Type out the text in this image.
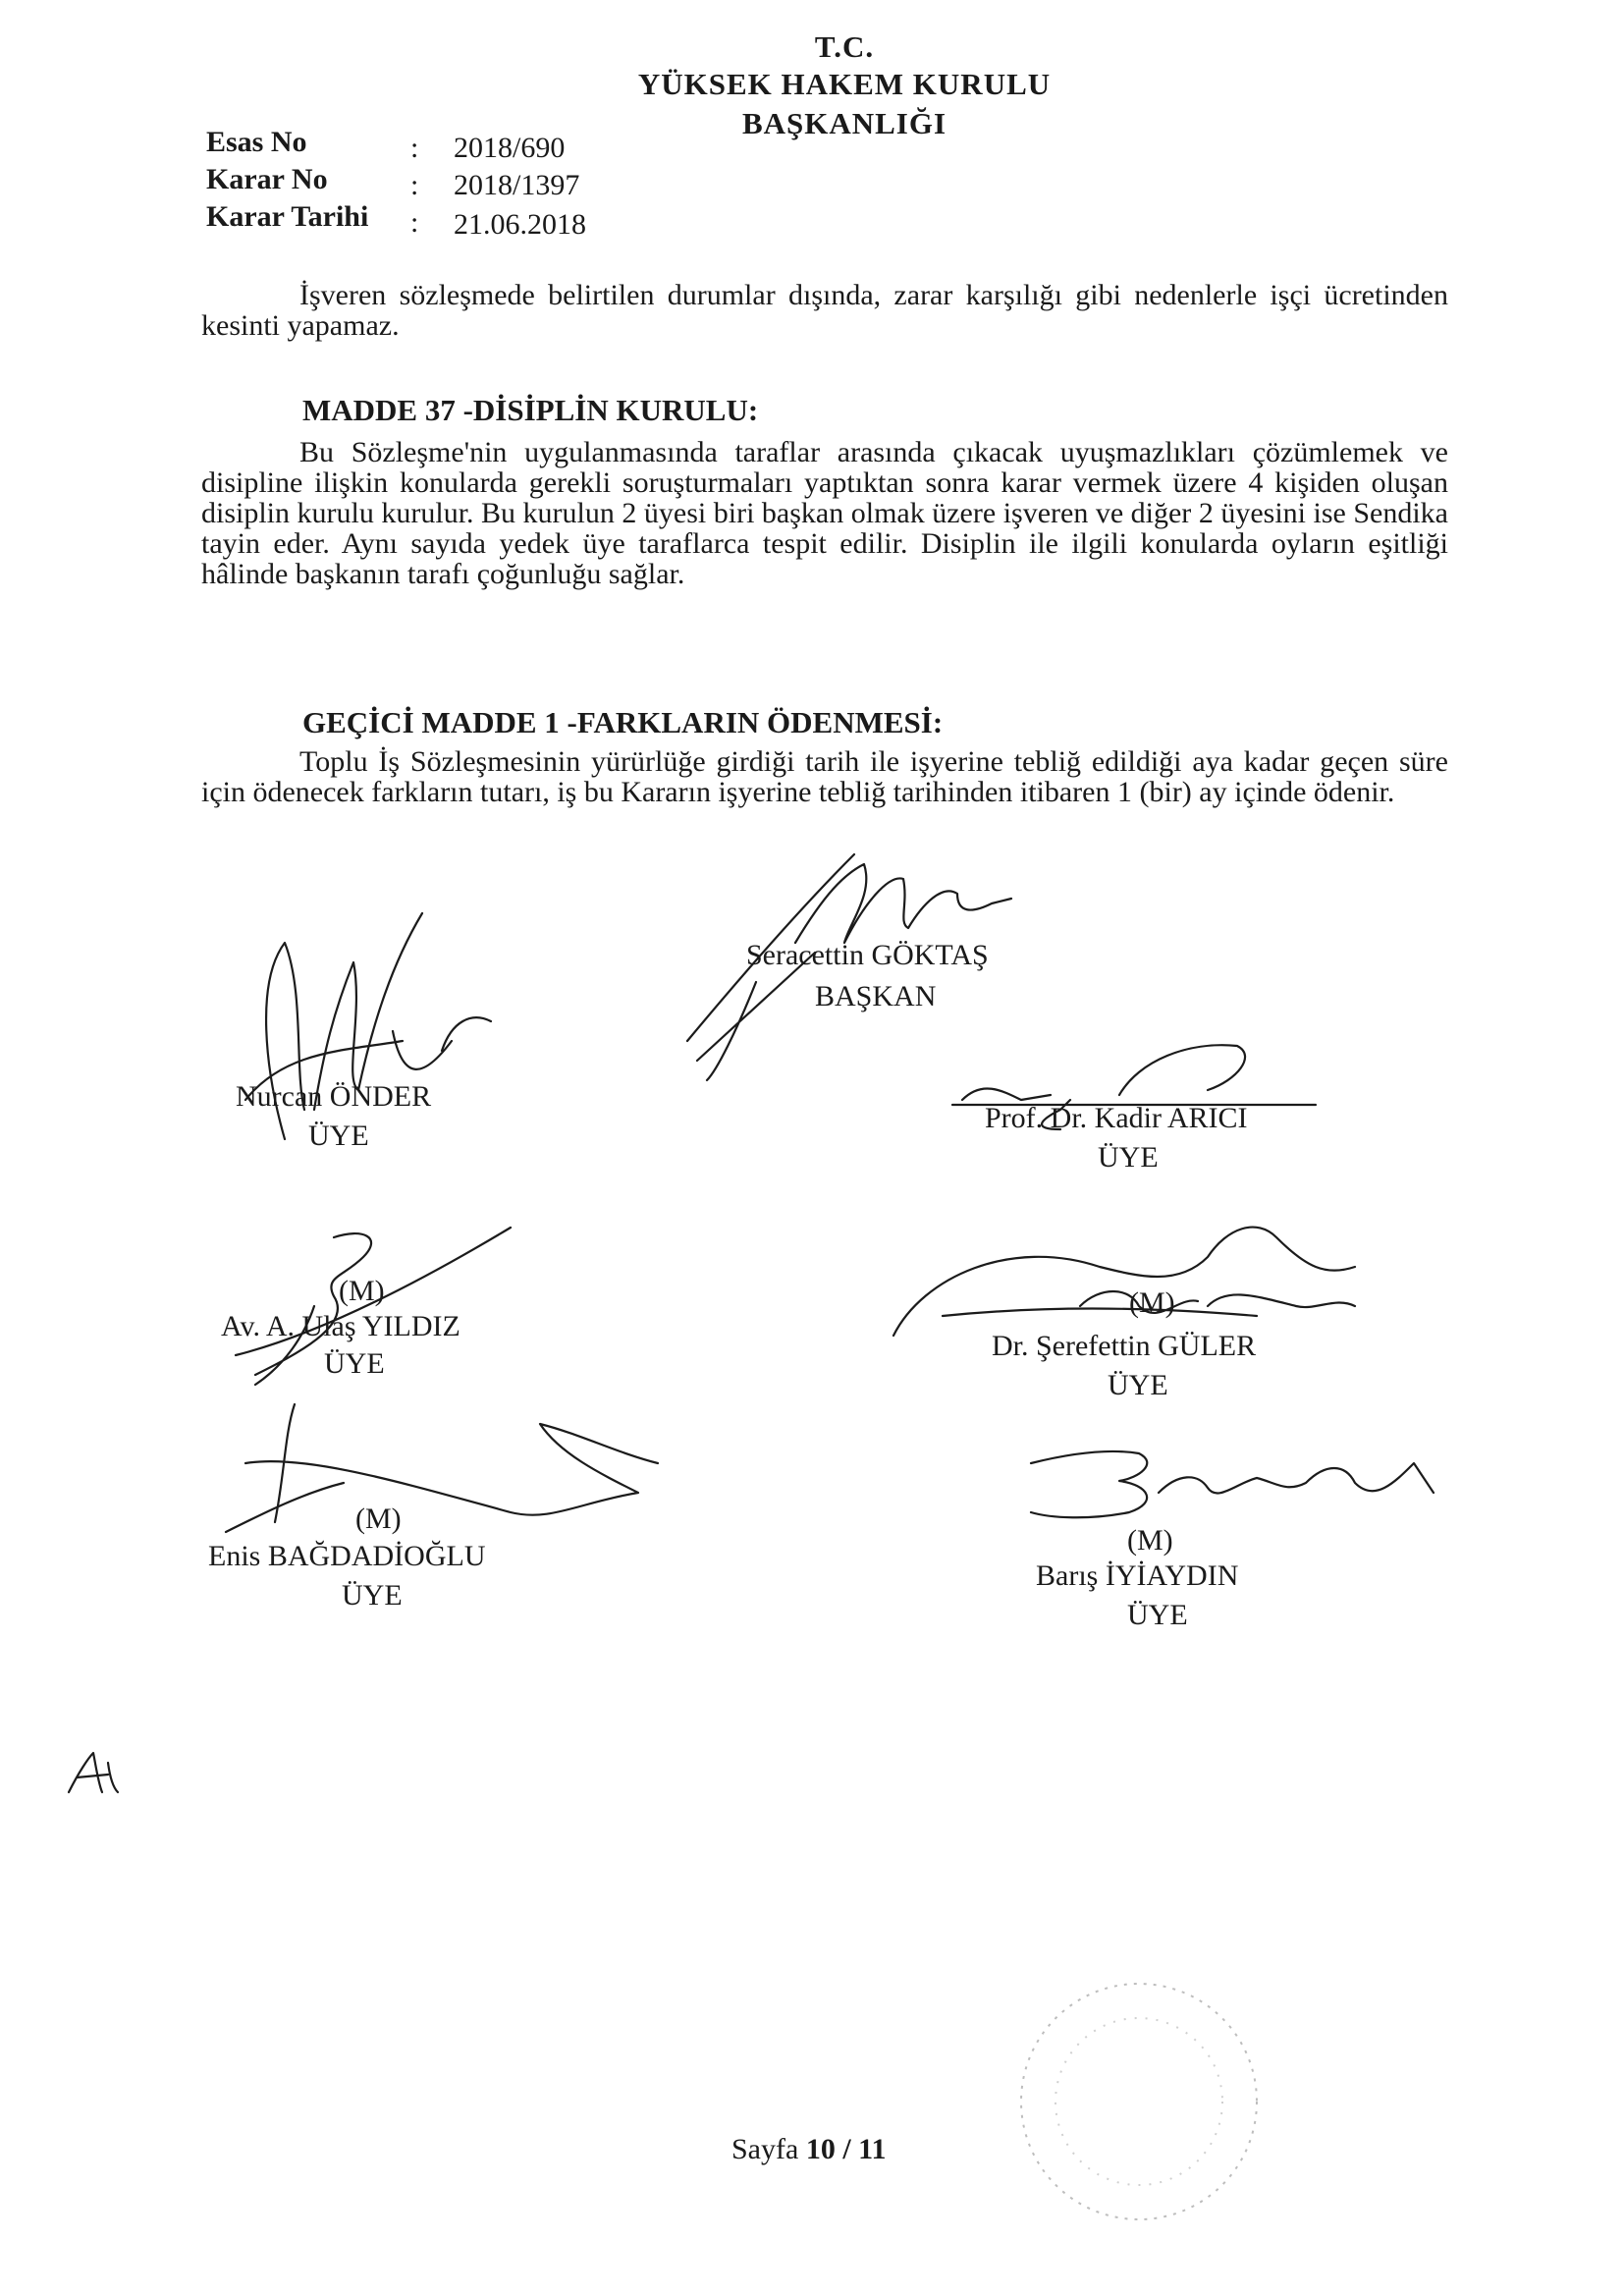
T.C.
YÜKSEK HAKEM KURULU
BAŞKANLIĞI
Esas No	: 2018/690
Karar No	: 2018/1397
Karar Tarihi : 21.06.2018
İşveren sözleşmede belirtilen durumlar dışında, zarar karşılığı gibi nedenlerle işçi ücretinden kesinti yapamaz.
MADDE 37 -DİSİPLİN KURULU:
Bu Sözleşme'nin uygulanmasında taraflar arasında çıkacak uyuşmazlıkları çözümlemek ve disipline ilişkin konularda gerekli soruşturmaları yaptıktan sonra karar vermek üzere 4 kişiden oluşan disiplin kurulu kurulur. Bu kurulun 2 üyesi biri başkan olmak üzere işveren ve diğer 2 üyesini ise Sendika tayin eder. Aynı sayıda yedek üye taraflarca tespit edilir. Disiplin ile ilgili konularda oyların eşitliği hâlinde başkanın tarafı çoğunluğu sağlar.
GEÇİCİ MADDE 1 -FARKLARIN ÖDENMESİ:
Toplu İş Sözleşmesinin yürürlüğe girdiği tarih ile işyerine tebliğ edildiği aya kadar geçen süre için ödenecek farkların tutarı, iş bu Kararın işyerine tebliğ tarihinden itibaren 1 (bir) ay içinde ödenir.
Seracettin GÖKTAŞ
BAŞKAN
Nurcan ÖNDER
ÜYE
Prof. Dr. Kadir ARICI
ÜYE
(M)
Av. A. Ulaş YILDIZ
ÜYE
(M)
Dr. Şerefettin GÜLER
ÜYE
(M)
Enis BAĞDADİOĞLU
ÜYE
(M)
Barış İYİAYDIN
ÜYE
Sayfa 10 / 11
